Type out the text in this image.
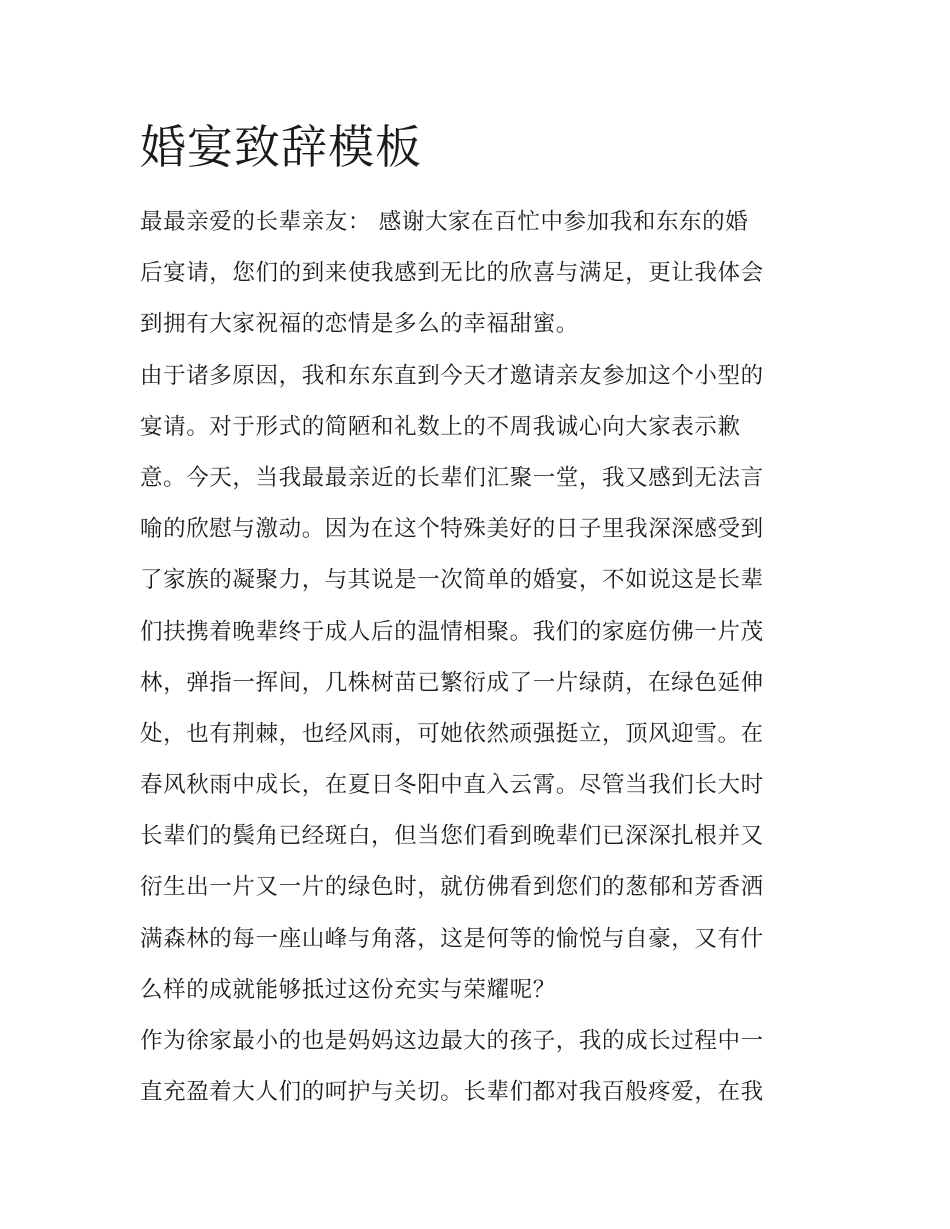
婚宴致辞模板
最最亲爱的长辈亲友： 感谢大家在百忙中参加我和东东的婚
后宴请，您们的到来使我感到无比的欣喜与满足，更让我体会
到拥有大家祝福的恋情是多么的幸福甜蜜。
由于诸多原因，我和东东直到今天才邀请亲友参加这个小型的
宴请。对于形式的简陋和礼数上的不周我诚心向大家表示歉
意。今天，当我最最亲近的长辈们汇聚一堂，我又感到无法言
喻的欣慰与激动。因为在这个特殊美好的日子里我深深感受到
了家族的凝聚力，与其说是一次简单的婚宴，不如说这是长辈
们扶携着晚辈终于成人后的温情相聚。我们的家庭仿佛一片茂
林，弹指一挥间，几株树苗已繁衍成了一片绿荫，在绿色延伸
处，也有荆棘，也经风雨，可她依然顽强挺立，顶风迎雪。在
春风秋雨中成长，在夏日冬阳中直入云霄。尽管当我们长大时
长辈们的鬓角已经斑白，但当您们看到晚辈们已深深扎根并又
衍生出一片又一片的绿色时，就仿佛看到您们的葱郁和芳香洒
满森林的每一座山峰与角落，这是何等的愉悦与自豪，又有什
么样的成就能够抵过这份充实与荣耀呢？
作为徐家最小的也是妈妈这边最大的孩子，我的成长过程中一
直充盈着大人们的呵护与关切。长辈们都对我百般疼爱，在我
